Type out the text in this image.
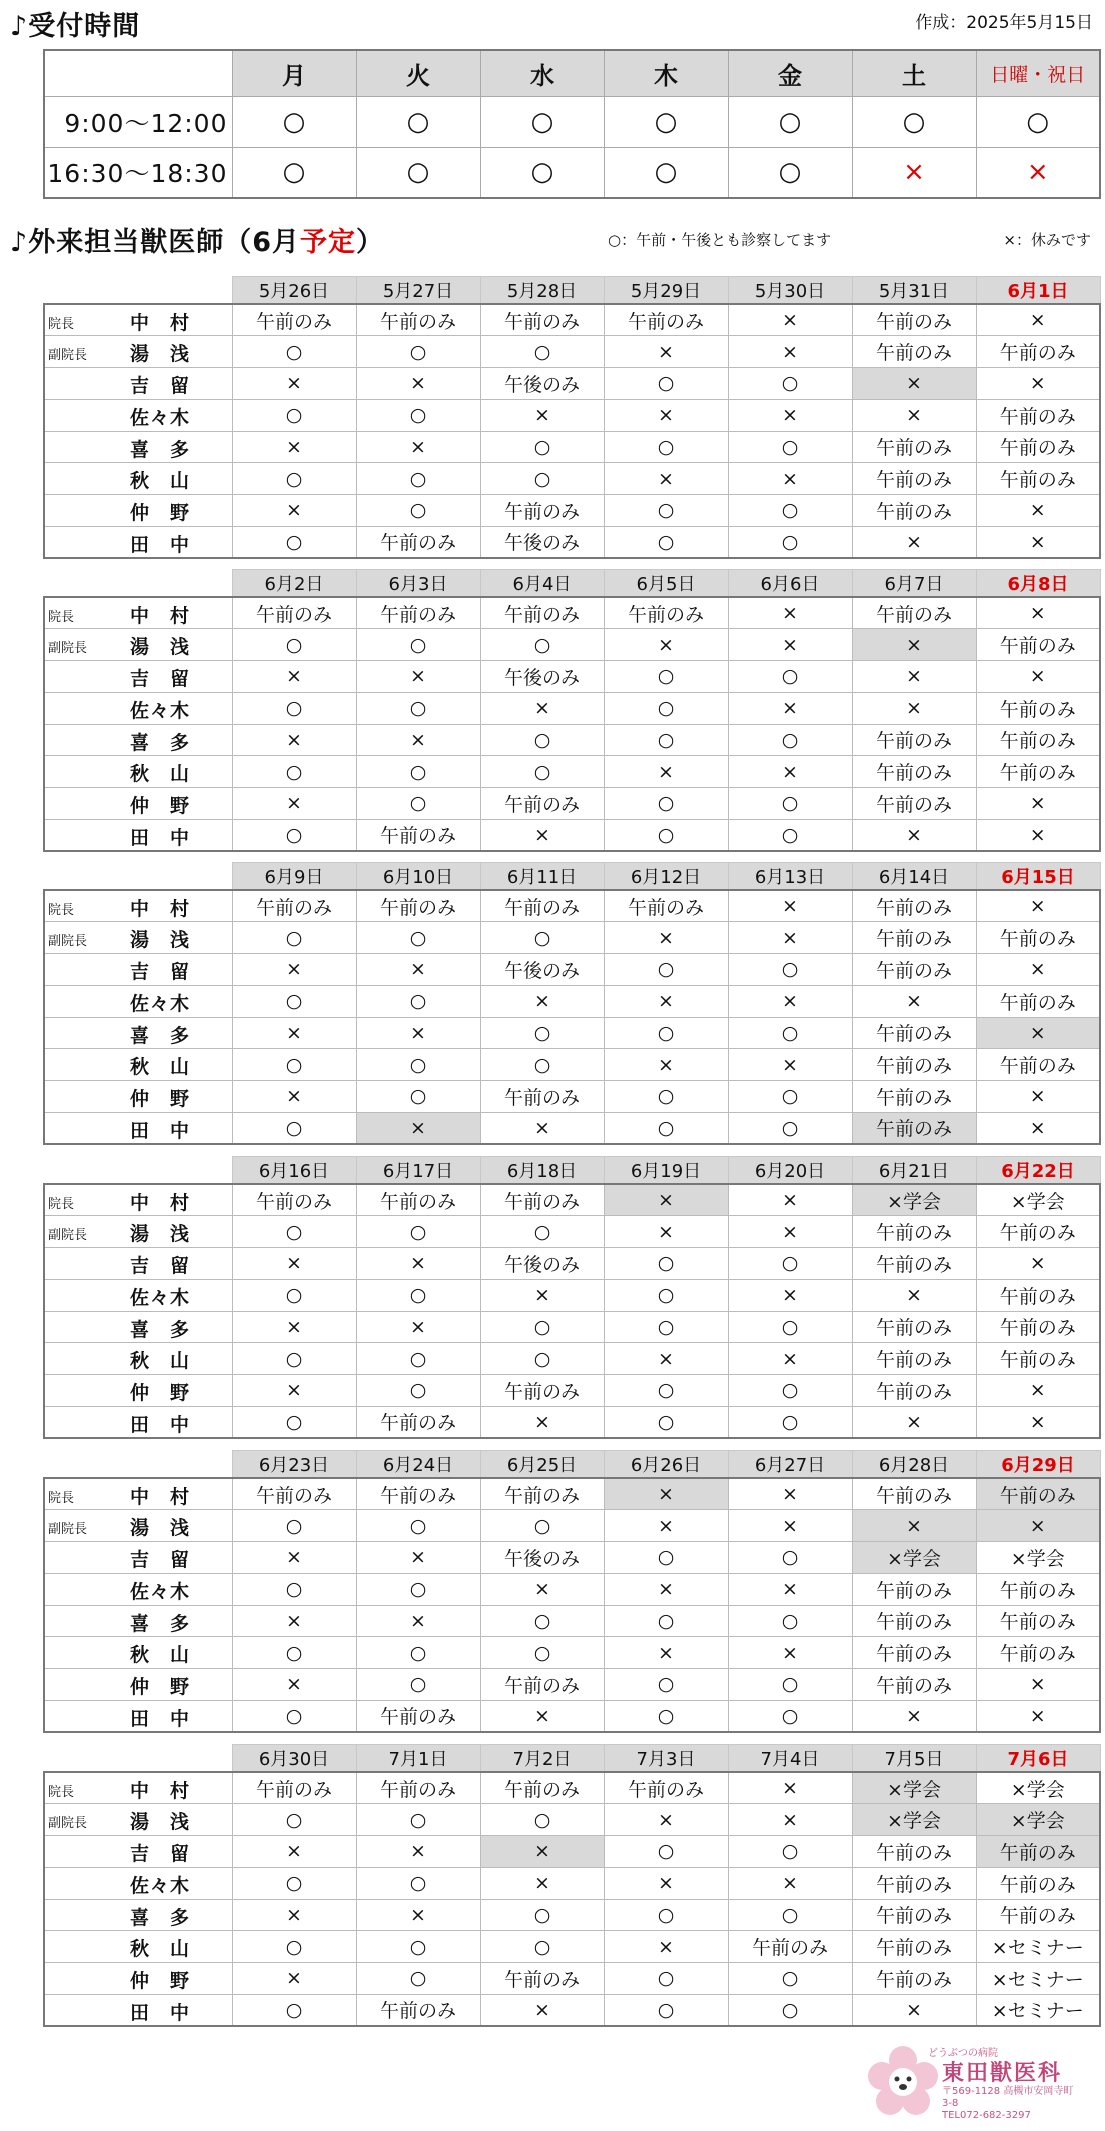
♪受付時間	作成：2025年5月15日
	月	火	水	木	金	土	日曜・祝日
9:00～12:00	○	○	○	○	○	○	○
16:30～18:30	○	○	○	○	○	×	×
♪外来担当獣医師（6月予定）	○：午前・午後とも診察してます	×：休みです
	5月26日	5月27日	5月28日	5月29日	5月30日	5月31日	6月1日

院長 中　村	午前のみ	午前のみ	午前のみ	午前のみ	×	午前のみ	×

副院長 湯　浅	○	○	○	×	×	午前のみ	午前のみ

吉　留	×	×	午後のみ	○	○	×	×

佐々木	○	○	×	×	×	×	午前のみ

喜　多	×	×	○	○	○	午前のみ	午前のみ

秋　山	○	○	○	×	×	午前のみ	午前のみ

仲　野	×	○	午前のみ	○	○	午前のみ	×

田　中	○	午前のみ	午後のみ	○	○	×	×
	6月2日	6月3日	6月4日	6月5日	6月6日	6月7日	6月8日

院長 中　村	午前のみ	午前のみ	午前のみ	午前のみ	×	午前のみ	×

副院長 湯　浅	○	○	○	×	×	×	午前のみ

吉　留	×	×	午後のみ	○	○	×	×

佐々木	○	○	×	○	×	×	午前のみ

喜　多	×	×	○	○	○	午前のみ	午前のみ

秋　山	○	○	○	×	×	午前のみ	午前のみ

仲　野	×	○	午前のみ	○	○	午前のみ	×

田　中	○	午前のみ	×	○	○	×	×
	6月9日	6月10日	6月11日	6月12日	6月13日	6月14日	6月15日

院長 中　村	午前のみ	午前のみ	午前のみ	午前のみ	×	午前のみ	×

副院長 湯　浅	○	○	○	×	×	午前のみ	午前のみ

吉　留	×	×	午後のみ	○	○	午前のみ	×

佐々木	○	○	×	×	×	×	午前のみ

喜　多	×	×	○	○	○	午前のみ	×

秋　山	○	○	○	×	×	午前のみ	午前のみ

仲　野	×	○	午前のみ	○	○	午前のみ	×

田　中	○	×	×	○	○	午前のみ	×
	6月16日	6月17日	6月18日	6月19日	6月20日	6月21日	6月22日

院長 中　村	午前のみ	午前のみ	午前のみ	×	×	×学会	×学会

副院長 湯　浅	○	○	○	×	×	午前のみ	午前のみ

吉　留	×	×	午後のみ	○	○	午前のみ	×

佐々木	○	○	×	○	×	×	午前のみ

喜　多	×	×	○	○	○	午前のみ	午前のみ

秋　山	○	○	○	×	×	午前のみ	午前のみ

仲　野	×	○	午前のみ	○	○	午前のみ	×

田　中	○	午前のみ	×	○	○	×	×
	6月23日	6月24日	6月25日	6月26日	6月27日	6月28日	6月29日

院長 中　村	午前のみ	午前のみ	午前のみ	×	×	午前のみ	午前のみ

副院長 湯　浅	○	○	○	×	×	×	×

吉　留	×	×	午後のみ	○	○	×学会	×学会

佐々木	○	○	×	×	×	午前のみ	午前のみ

喜　多	×	×	○	○	○	午前のみ	午前のみ

秋　山	○	○	○	×	×	午前のみ	午前のみ

仲　野	×	○	午前のみ	○	○	午前のみ	×

田　中	○	午前のみ	×	○	○	×	×
	6月30日	7月1日	7月2日	7月3日	7月4日	7月5日	7月6日

院長 中　村	午前のみ	午前のみ	午前のみ	午前のみ	×	×学会	×学会

副院長 湯　浅	○	○	○	×	×	×学会	×学会

吉　留	×	×	×	○	○	午前のみ	午前のみ

佐々木	○	○	×	×	×	午前のみ	午前のみ

喜　多	×	×	○	○	○	午前のみ	午前のみ

秋　山	○	○	○	×	午前のみ	午前のみ	×セミナー

仲　野	×	○	午前のみ	○	○	午前のみ	×セミナー

田　中	○	午前のみ	×	○	○	×	×セミナー
どうぶつの病院
東田獣医科
〒569-1128 高槻市安岡寺町3-8
TEL072-682-3297
